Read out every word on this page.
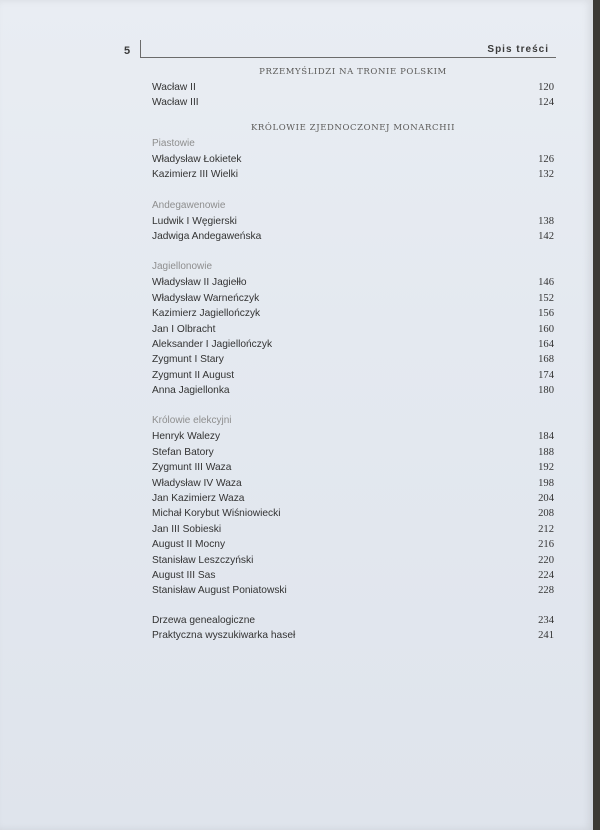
5	Spis treści
PRZEMYŚLIDZI NA TRONIE POLSKIM
Wacław II	120
Wacław III	124
KRÓLOWIE ZJEDNOCZONEJ MONARCHII
Piastowie
Władysław Łokietek	126
Kazimierz III Wielki	132
Andegawenowie
Ludwik I Węgierski	138
Jadwiga Andegaweńska	142
Jagiellonowie
Władysław II Jagiełło	146
Władysław Warneńczyk	152
Kazimierz Jagiellończyk	156
Jan I Olbracht	160
Aleksander I Jagiellończyk	164
Zygmunt I Stary	168
Zygmunt II August	174
Anna Jagiellonka	180
Królowie elekcyjni
Henryk Walezy	184
Stefan Batory	188
Zygmunt III Waza	192
Władysław IV Waza	198
Jan Kazimierz Waza	204
Michał Korybut Wiśniowiecki	208
Jan III Sobieski	212
August II Mocny	216
Stanisław Leszczyński	220
August III Sas	224
Stanisław August Poniatowski	228
Drzewa genealogiczne	234
Praktyczna wyszukiwarka haseł	241
